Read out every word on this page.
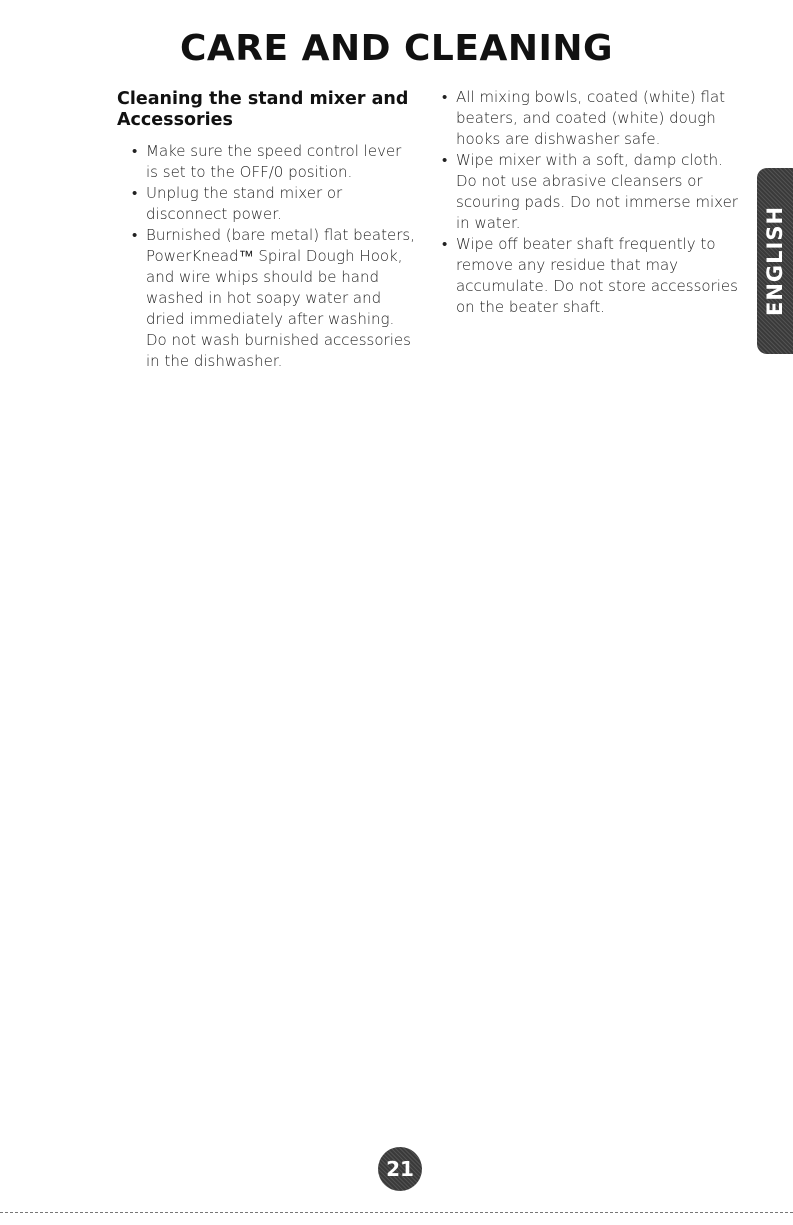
CARE AND CLEANING
Cleaning the stand mixer and Accessories
• Make sure the speed control lever is set to the OFF/0 position.
• Unplug the stand mixer or disconnect power.
• Burnished (bare metal) flat beaters, PowerKnead™ Spiral Dough Hook, and wire whips should be hand washed in hot soapy water and dried immediately after washing. Do not wash burnished accessories in the dishwasher.
• All mixing bowls, coated (white) flat beaters, and coated (white) dough hooks are dishwasher safe.
• Wipe mixer with a soft, damp cloth. Do not use abrasive cleansers or scouring pads. Do not immerse mixer in water.
• Wipe off beater shaft frequently to remove any residue that may accumulate. Do not store accessories on the beater shaft.	ENGLISH
21
